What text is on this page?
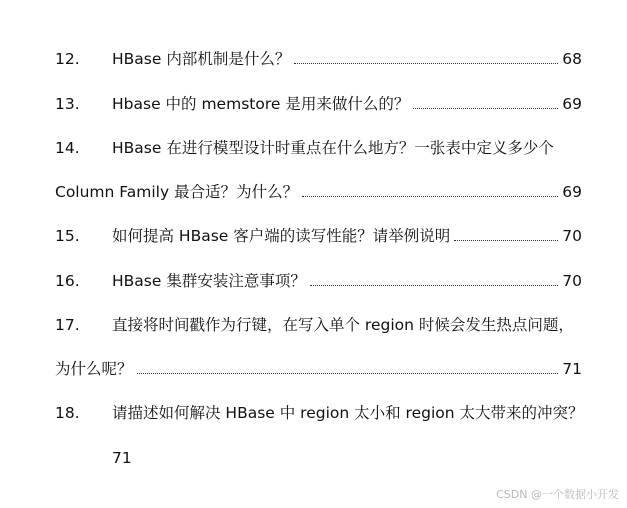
12.	HBase 内部机制是什么？	68
13.	Hbase 中的 memstore 是用来做什么的？	69
14.	HBase 在进行模型设计时重点在什么地方？一张表中定义多少个
Column Family 最合适？为什么？	69
15.	如何提高 HBase 客户端的读写性能？请举例说明	70
16.	HBase 集群安装注意事项？	70
17.	直接将时间戳作为行键，在写入单个 region 时候会发生热点问题，
为什么呢？	71
18.	请描述如何解决 HBase 中 region 太小和 region 太大带来的冲突？
71
CSDN @一个数据小开发
